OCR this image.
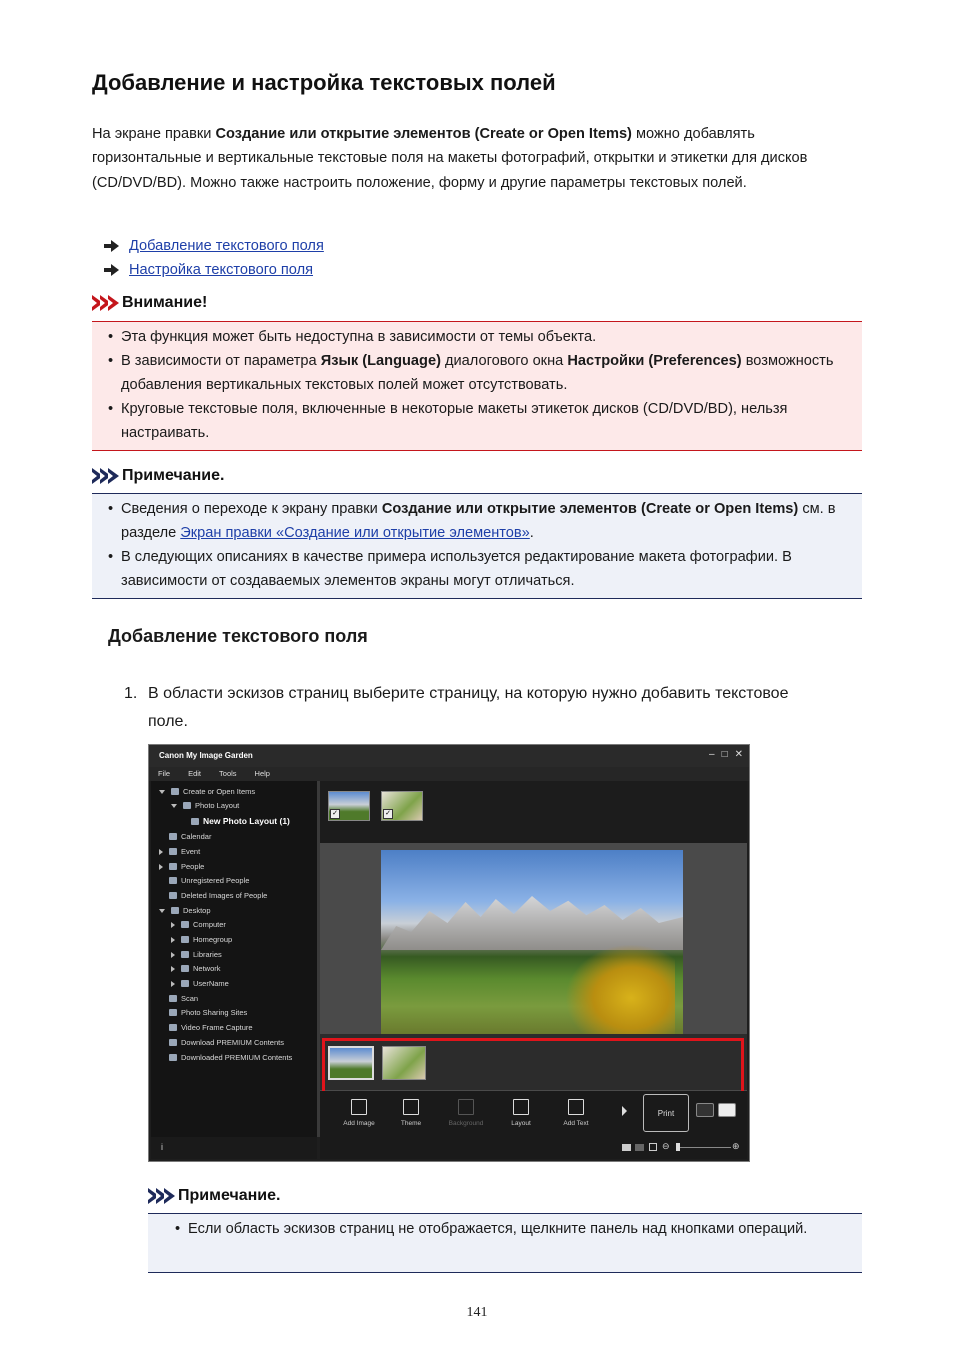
Добавление и настройка текстовых полей

На экране правки Создание или открытие элементов (Create or Open Items) можно добавлять горизонтальные и вертикальные текстовые поля на макеты фотографий, открытки и этикетки для дисков (CD/DVD/BD). Можно также настроить положение, форму и другие параметры текстовых полей.

Добавление текстового поля
Настройка текстового поля
Внимание!
• Эта функция может быть недоступна в зависимости от темы объекта.
• В зависимости от параметра Язык (Language) диалогового окна Настройки (Preferences) возможность добавления вертикальных текстовых полей может отсутствовать.
• Круговые текстовые поля, включенные в некоторые макеты этикеток дисков (CD/DVD/BD), нельзя настраивать.
Примечание.
• Сведения о переходе к экрану правки Создание или открытие элементов (Create or Open Items) см. в разделе Экран правки «Создание или открытие элементов».
• В следующих описаниях в качестве примера используется редактирование макета фотографии. В зависимости от создаваемых элементов экраны могут отличаться.
Добавление текстового поля
1. В области эскизов страниц выберите страницу, на которую нужно добавить текстовое поле.
Canon My Image Garden	– □ ✕
File Edit Tools Help
Create or Open Items
Photo Layout
New Photo Layout (1)
Calendar
Event
People
Unregistered People
Deleted Images of People
Desktop
Computer
Homegroup
Libraries
Network
UserName
Scan
Photo Sharing Sites
Video Frame Capture
Download PREMIUM Contents
Downloaded PREMIUM Contents
i
✓	✓
Add Image	Theme	Background	Layout	Add Text
Print
⊖	⊕
Примечание.
• Если область эскизов страниц не отображается, щелкните панель над кнопками операций.
141
